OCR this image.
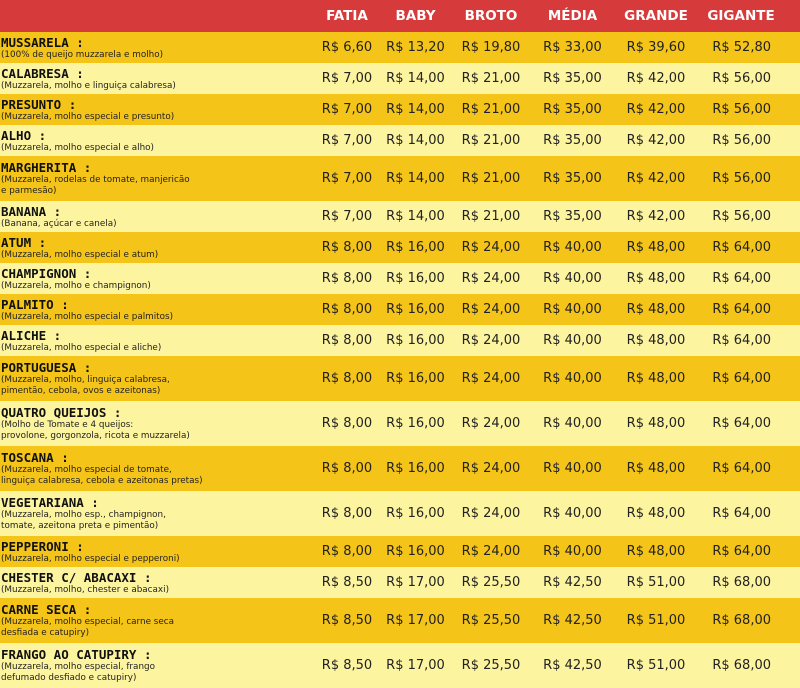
FATIA	BABY	BROTO	MÉDIA	GRANDE	GIGANTE
MUSSARELA :
(100% de queijo muzzarela e molho)	R$ 6,60	R$ 13,20	R$ 19,80	R$ 33,00	R$ 39,60	R$ 52,80
CALABRESA :
(Muzzarela, molho e linguiça calabresa)	R$ 7,00	R$ 14,00	R$ 21,00	R$ 35,00	R$ 42,00	R$ 56,00
PRESUNTO :
(Muzzarela, molho especial e presunto)	R$ 7,00	R$ 14,00	R$ 21,00	R$ 35,00	R$ 42,00	R$ 56,00
ALHO :
(Muzzarela, molho especial e alho)	R$ 7,00	R$ 14,00	R$ 21,00	R$ 35,00	R$ 42,00	R$ 56,00
MARGHERITA :
(Muzzarela, rodelas de tomate, manjericão
e parmesão)
R$ 7,00	R$ 14,00	R$ 21,00	R$ 35,00	R$ 42,00	R$ 56,00
BANANA :
(Banana, açúcar e canela)	R$ 7,00	R$ 14,00	R$ 21,00	R$ 35,00	R$ 42,00	R$ 56,00
ATUM :
(Muzzarela, molho especial e atum)	R$ 8,00	R$ 16,00	R$ 24,00	R$ 40,00	R$ 48,00	R$ 64,00
CHAMPIGNON :
(Muzzarela, molho e champignon)	R$ 8,00	R$ 16,00	R$ 24,00	R$ 40,00	R$ 48,00	R$ 64,00
PALMITO :
(Muzzarela, molho especial e palmitos)	R$ 8,00	R$ 16,00	R$ 24,00	R$ 40,00	R$ 48,00	R$ 64,00
ALICHE :
(Muzzarela, molho especial e aliche)	R$ 8,00	R$ 16,00	R$ 24,00	R$ 40,00	R$ 48,00	R$ 64,00
PORTUGUESA :
(Muzzarela, molho, linguiça calabresa,
pimentão, cebola, ovos e azeitonas)
R$ 8,00	R$ 16,00	R$ 24,00	R$ 40,00	R$ 48,00	R$ 64,00
QUATRO QUEIJOS :
(Molho de Tomate e 4 queijos:
provolone, gorgonzola, ricota e muzzarela)
R$ 8,00	R$ 16,00	R$ 24,00	R$ 40,00	R$ 48,00	R$ 64,00
TOSCANA :
(Muzzarela, molho especial de tomate,
linguiça calabresa, cebola e azeitonas pretas)
R$ 8,00	R$ 16,00	R$ 24,00	R$ 40,00	R$ 48,00	R$ 64,00
VEGETARIANA :
(Muzzarela, molho esp., champignon,
tomate, azeitona preta e pimentão)
R$ 8,00	R$ 16,00	R$ 24,00	R$ 40,00	R$ 48,00	R$ 64,00
PEPPERONI :
(Muzzarela, molho especial e pepperoni)	R$ 8,00	R$ 16,00	R$ 24,00	R$ 40,00	R$ 48,00	R$ 64,00
CHESTER C/ ABACAXI :
(Muzzarela, molho, chester e abacaxi)	R$ 8,50	R$ 17,00	R$ 25,50	R$ 42,50	R$ 51,00	R$ 68,00
CARNE SECA :
(Muzzarela, molho especial, carne seca
desfiada e catupiry)
R$ 8,50	R$ 17,00	R$ 25,50	R$ 42,50	R$ 51,00	R$ 68,00
FRANGO AO CATUPIRY :
(Muzzarela, molho especial, frango
defumado desfiado e catupiry)
R$ 8,50	R$ 17,00	R$ 25,50	R$ 42,50	R$ 51,00	R$ 68,00
